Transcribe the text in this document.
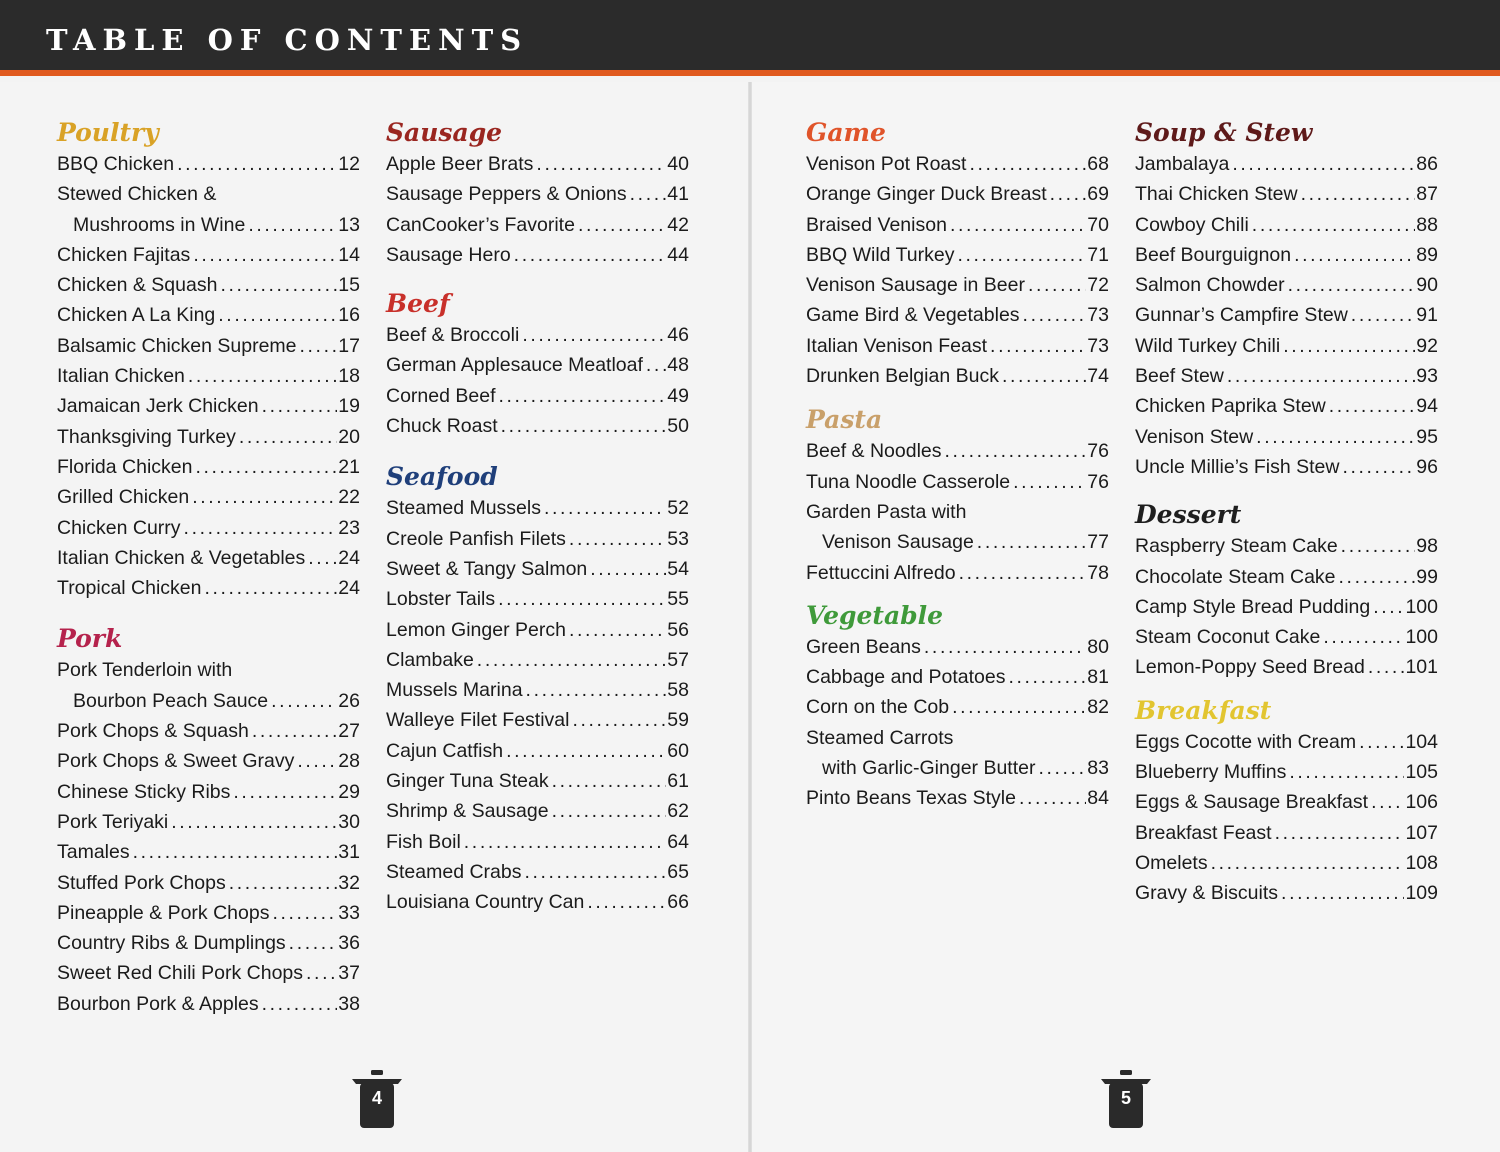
TABLE OF CONTENTS
Poultry
BBQ Chicken .....	12
Stewed Chicken &
Mushrooms in Wine .....	13
Chicken Fajitas .....	14
Chicken & Squash .....	15
Chicken A La King .....	16
Balsamic Chicken Supreme ..... 17
Italian Chicken .....	18
Jamaican Jerk Chicken .....	19
Thanksgiving Turkey .....	20
Florida Chicken .....	21
Grilled Chicken .....	22
Chicken Curry .....	23
Italian Chicken & Vegetables ..... 24
Tropical Chicken .....	24
Pork
Pork Tenderloin with
Bourbon Peach Sauce .....	26
Pork Chops & Squash .....	27
Pork Chops & Sweet Gravy ..... 28
Chinese Sticky Ribs .....	29
Pork Teriyaki .....	30
Tamales .....	31
Stuffed Pork Chops .....	32
Pineapple & Pork Chops .....	33
Country Ribs & Dumplings .....	36
Sweet Red Chili Pork Chops ..... 37
Bourbon Pork & Apples .....	38
Sausage
Apple Beer Brats .....	40
Sausage Peppers & Onions ..... 41
CanCooker’s Favorite .....	42
Sausage Hero .....	44
Beef
Beef & Broccoli .....	46
German Applesauce Meatloaf ..... 48
Corned Beef .....	49
Chuck Roast .....	50
Seafood
Steamed Mussels .....	52
Creole Panfish Filets .....	53
Sweet & Tangy Salmon .....	54
Lobster Tails .....	55
Lemon Ginger Perch .....	56
Clambake .....	57
Mussels Marina .....	58
Walleye Filet Festival .....	59
Cajun Catfish .....	60
Ginger Tuna Steak .....	61
Shrimp & Sausage .....	62
Fish Boil .....	64
Steamed Crabs .....	65
Louisiana Country Can .....	66
Game
Venison Pot Roast .....	68
Orange Ginger Duck Breast ..... 69
Braised Venison .....	70
BBQ Wild Turkey .....	71
Venison Sausage in Beer .....	72
Game Bird & Vegetables .....	73
Italian Venison Feast .....	73
Drunken Belgian Buck .....	74
Pasta
Beef & Noodles .....	76
Tuna Noodle Casserole .....	76
Garden Pasta with
Venison Sausage .....	77
Fettuccini Alfredo .....	78
Vegetable
Green Beans .....	80
Cabbage and Potatoes .....	81
Corn on the Cob .....	82
Steamed Carrots
with Garlic-Ginger Butter .....	83
Pinto Beans Texas Style .....	84
Soup & Stew
Jambalaya .....	86
Thai Chicken Stew .....	87
Cowboy Chili .....	88
Beef Bourguignon .....	89
Salmon Chowder .....	90
Gunnar’s Campfire Stew .....	91
Wild Turkey Chili .....	92
Beef Stew .....	93
Chicken Paprika Stew .....	94
Venison Stew .....	95
Uncle Millie’s Fish Stew .....	96
Dessert
Raspberry Steam Cake .....	98
Chocolate Steam Cake .....	99
Camp Style Bread Pudding ..... 100
Steam Coconut Cake .....	100
Lemon-Poppy Seed Bread ..... 101
Breakfast
Eggs Cocotte with Cream .....	104
Blueberry Muffins .....	105
Eggs & Sausage Breakfast ..... 106
Breakfast Feast .....	107
Omelets .....	108
Gravy & Biscuits .....	109
4	5
